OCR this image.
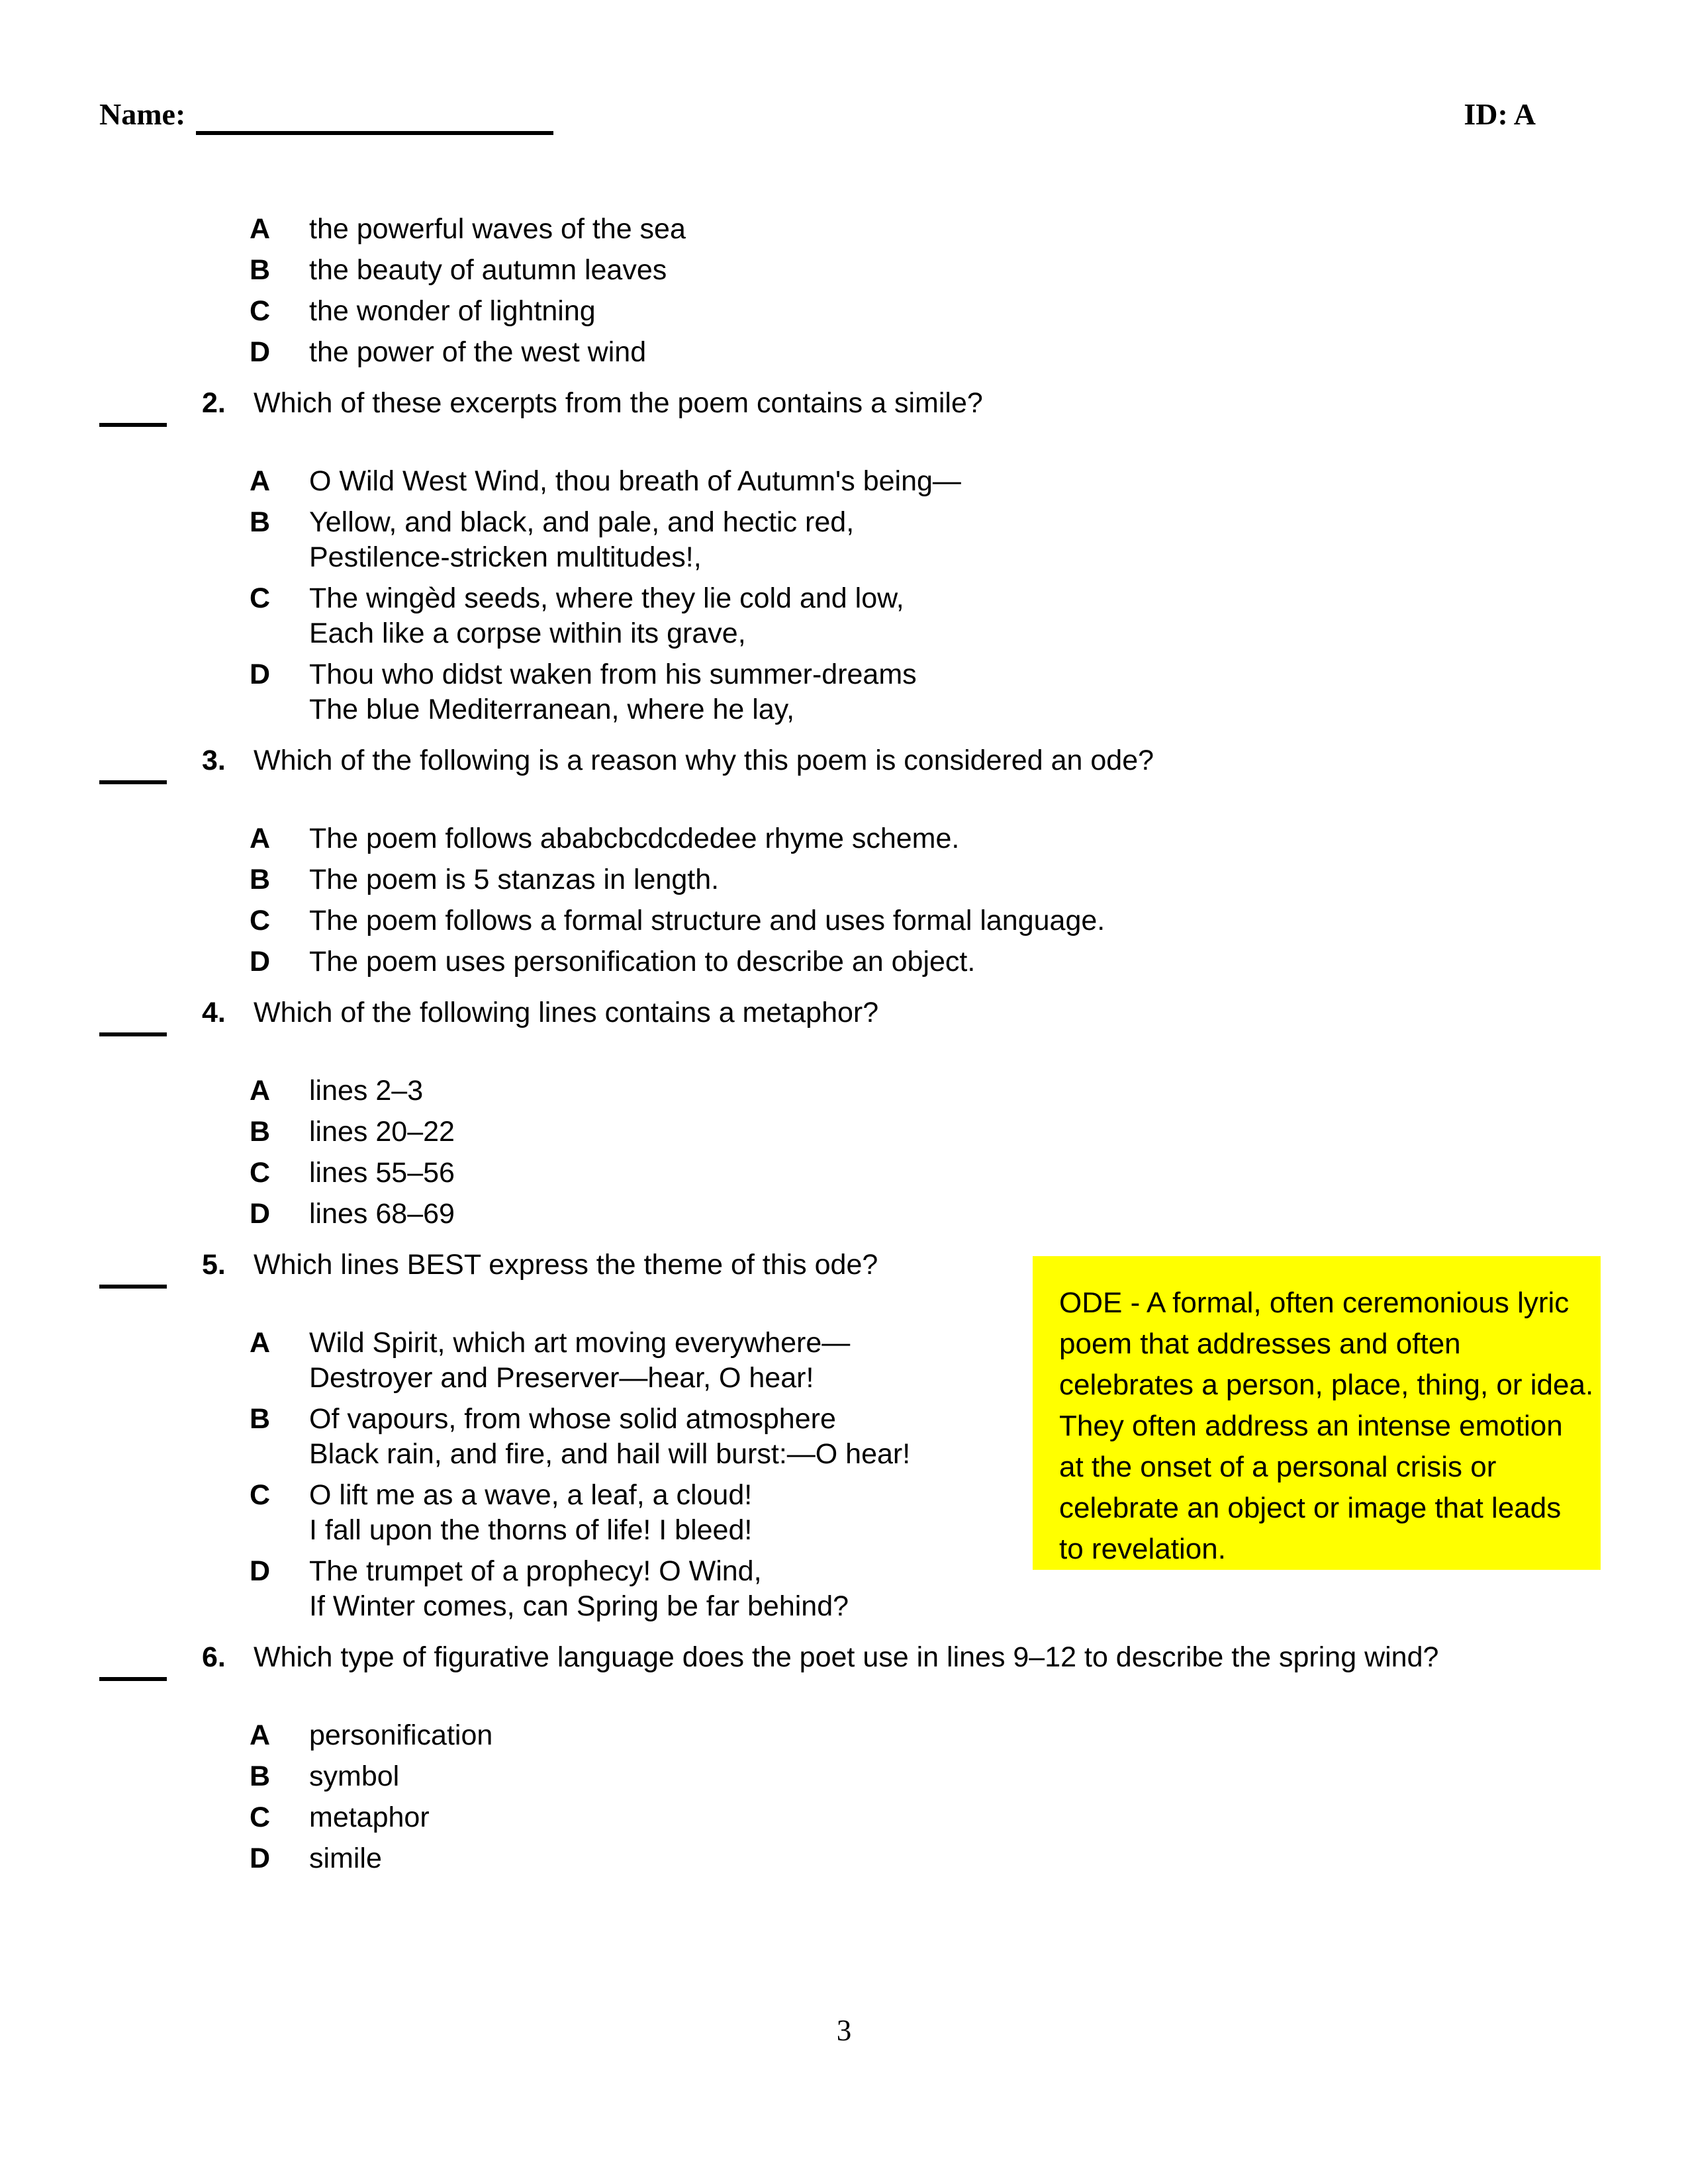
ODE - A formal, often ceremonious lyric
poem that addresses and often
celebrates a person, place, thing, or idea.
They often address an intense emotion
at the onset of a personal crisis or
celebrate an object or image that leads
to revelation.
Name:	ID: A
A	the powerful waves of the sea
B	the beauty of autumn leaves
C	the wonder of lightning
D	the power of the west wind
2. Which of these excerpts from the poem contains a simile?
A	O Wild West Wind, thou breath of Autumn's being—
B	Yellow, and black, and pale, and hectic red,
Pestilence-stricken multitudes!,
C	The wingèd seeds, where they lie cold and low,
Each like a corpse within its grave,
D	Thou who didst waken from his summer-dreams
The blue Mediterranean, where he lay,
3. Which of the following is a reason why this poem is considered an ode?
A	The poem follows ababcbcdcdedee rhyme scheme.
B	The poem is 5 stanzas in length.
C	The poem follows a formal structure and uses formal language.
D	The poem uses personification to describe an object.
4. Which of the following lines contains a metaphor?
A	lines 2–3
B	lines 20–22
C	lines 55–56
D	lines 68–69
5. Which lines BEST express the theme of this ode?
A	Wild Spirit, which art moving everywhere—
Destroyer and Preserver—hear, O hear!
B	Of vapours, from whose solid atmosphere
Black rain, and fire, and hail will burst:—O hear!
C	O lift me as a wave, a leaf, a cloud!
I fall upon the thorns of life! I bleed!
D	The trumpet of a prophecy! O Wind,
If Winter comes, can Spring be far behind?
6. Which type of figurative language does the poet use in lines 9–12 to describe the spring wind?
A	personification
B	symbol
C	metaphor
D	simile
3
